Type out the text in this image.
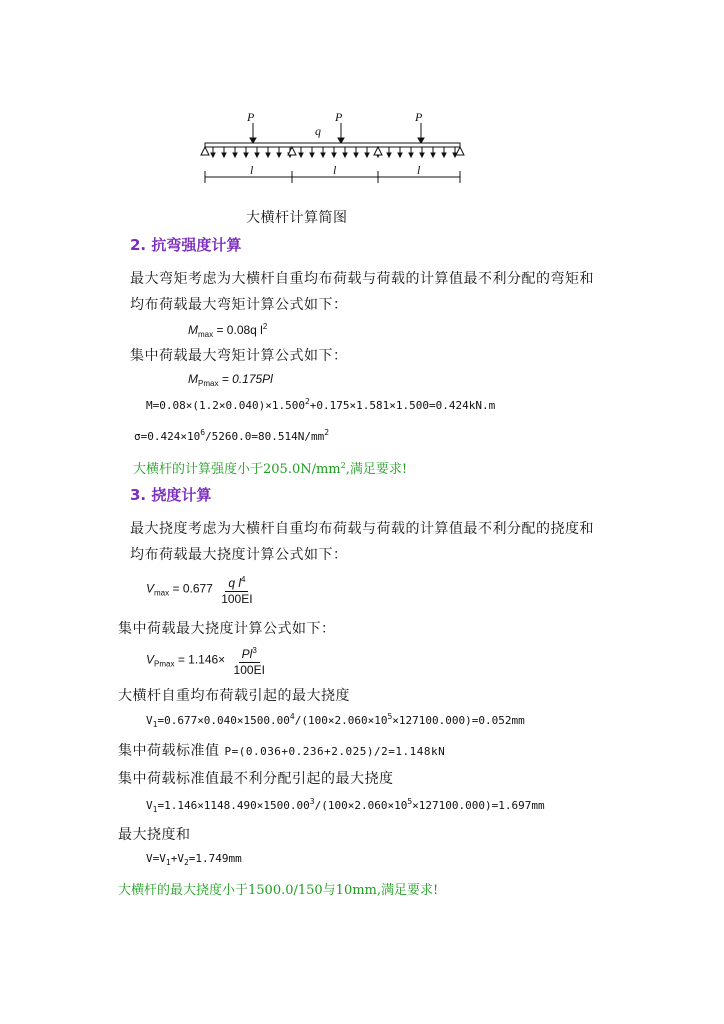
P	P	P
q
l	l	l
大横杆计算简图
2. 抗弯强度计算
最大弯矩考虑为大横杆自重均布荷载与荷载的计算值最不利分配的弯矩和
均布荷载最大弯矩计算公式如下：
$M_{max} = 0.08q$ $l^2$
集中荷载最大弯矩计算公式如下：
$M_{Pmax} = 0.175Pl$
$M=0.08\times(1.2\times 0.040)\times 1.500^2+0.175\times 1.581\times 1.500=0.424kN.m$
$\sigma=0.424\times 10^6/5260.0=80.514N/mm^2$
大横杆的计算强度小于$205.0N/mm^2$,满足要求!
3. 挠度计算
最大挠度考虑为大横杆自重均布荷载与荷载的计算值最不利分配的挠度和
均布荷载最大挠度计算公式如下：
$V_{max} = 0.677 \frac{q l^4}{100EI}$
集中荷载最大挠度计算公式如下：
$V_{Pmax} = 1.146\times \frac{Pl^3}{100EI}$
大横杆自重均布荷载引起的最大挠度
$V_1=0.677\times 0.040\times 1500.00^4/(100\times 2.060\times 10^5\times 127100.000)=0.052mm$
集中荷载标准值 P=(0.036+0.236+2.025)/2=1.148kN
集中荷载标准值最不利分配引起的最大挠度
$V_1=1.146\times 1148.490\times 1500.00^3/(100\times 2.060\times 10^5\times 127100.000)=1.697mm$
最大挠度和
$V=V_1+V_2=1.749mm$
大横杆的最大挠度小于1500.0/150与10mm,满足要求!
